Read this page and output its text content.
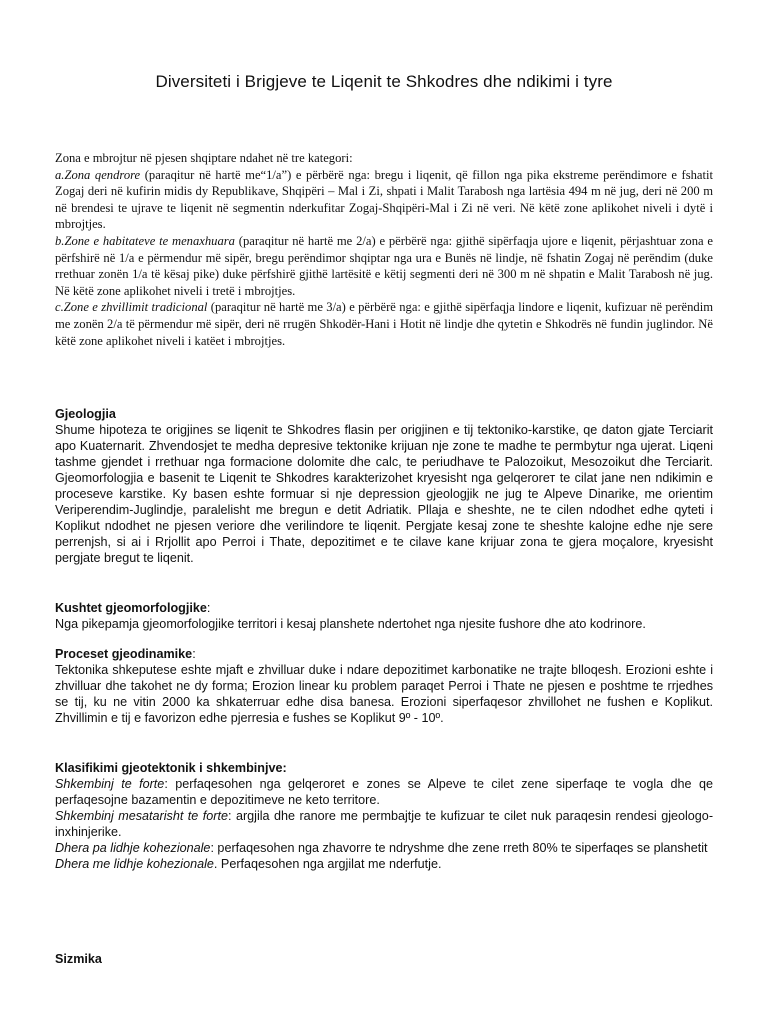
Diversiteti i Brigjeve te Liqenit te Shkodres dhe ndikimi i tyre

Zona e mbrojtur në pjesen shqiptare ndahet në tre kategori:

a.Zona qendrore (paraqitur në hartë me“1/a”) e përbërë nga: bregu i liqenit, që fillon nga pika ekstreme perëndimore e fshatit Zogaj deri në kufirin midis dy Republikave, Shqipëri – Mal i Zi, shpati i Malit Tarabosh nga lartësia 494 m në jug, deri në 200 m në brendesi te ujrave te liqenit në segmentin nderkufitar Zogaj-Shqipëri-Mal i Zi në veri. Në këtë zone aplikohet niveli i dytë i mbrojtjes.

b.Zone e habitateve te menaxhuara (paraqitur në hartë me 2/a) e përbërë nga: gjithë sipërfaqja ujore e liqenit, përjashtuar zona e përfshirë në 1/a e përmendur më sipër, bregu perëndimor shqiptar nga ura e Bunës në lindje, në fshatin Zogaj në perëndim (duke rrethuar zonën 1/a të kësaj pike) duke përfshirë gjithë lartësitë e këtij segmenti deri në 300 m në shpatin e Malit Tarabosh në jug. Në këtë zone aplikohet niveli i tretë i mbrojtjes.

c.Zone e zhvillimit tradicional (paraqitur në hartë me 3/a) e përbërë nga: e gjithë sipërfaqja lindore e liqenit, kufizuar në perëndim me zonën 2/a të përmendur më sipër, deri në rrugën Shkodër-Hani i Hotit në lindje dhe qytetin e Shkodrës në fundin juglindor. Në këtë zone aplikohet niveli i katëet i mbrojtjes.

Gjeologjia

Shume hipoteza te origjines se liqenit te Shkodres flasin per origjinen e tij tektoniko-karstike, qe daton gjate Terciarit apo Kuaternarit. Zhvendosjet te medha depresive tektonike krijuan nje zone te madhe te permbytur nga ujerat. Liqeni tashme gjendet i rrethuar nga formacione dolomite dhe calc, te periudhave te Palozoikut, Mesozoikut dhe Terciarit. Gjeomorfologjia e basenit te Liqenit te Shkodres karakterizohet kryesisht nga gelqerorет te cilat jane nen ndikimin e proceseve karstike. Ky basen eshte formuar si nje depression gjeologjik ne jug te Alpeve Dinarike, me orientim Veriperendim-Juglindje, paralelisht me bregun e detit Adriatik. Pllaja e sheshte, ne te cilen ndodhet edhe qyteti i Koplikut ndodhet ne pjesen veriore dhe verilindore te liqenit. Pergjate kesaj zone te sheshte kalojne edhe nje sere perrenjsh, si ai i Rrjollit apo Perroi i Thate, depozitimet e te cilave kane krijuar zona te gjera moçalore, kryesisht pergjate bregut te liqenit.

Kushtet gjeomorfologjike:

Nga pikepamja gjeomorfologjike territori i kesaj planshete ndertohet nga njesite fushore dhe ato kodrinore.

Proceset gjeodinamike:

Tektonika shkeputese eshte mjaft e zhvilluar duke i ndare depozitimet karbonatike ne trajte blloqesh. Erozioni eshte i zhvilluar dhe takohet ne dy forma; Erozion linear ku problem paraqet Perroi i Thate ne pjesen e poshtme te rrjedhes se tij, ku ne vitin 2000 ka shkaterruar edhe disa banesa. Erozioni siperfaqesor zhvillohet ne fushen e Koplikut. Zhvillimin e tij e favorizon edhe pjerresia e fushes se Koplikut 9º - 10º.

Klasifikimi gjeotektonik i shkembinjve:

Shkembinj te forte: perfaqesohen nga gelqeroret e zones se Alpeve te cilet zene siperfaqe te vogla dhe qe perfaqesojne bazamentin e depozitimeve ne keto territore.

Shkembinj mesatarisht te forte: argjila dhe ranore me permbajtje te kufizuar te cilet nuk paraqesin rendesi gjeologo-inxhinjerike.

Dhera pa lidhje kohezionale: perfaqesohen nga zhavorre te ndryshme dhe zene rreth 80% te siperfaqes se planshetit

Dhera me lidhje kohezionale. Perfaqesohen nga argjilat me nderfutje.

Sizmika
